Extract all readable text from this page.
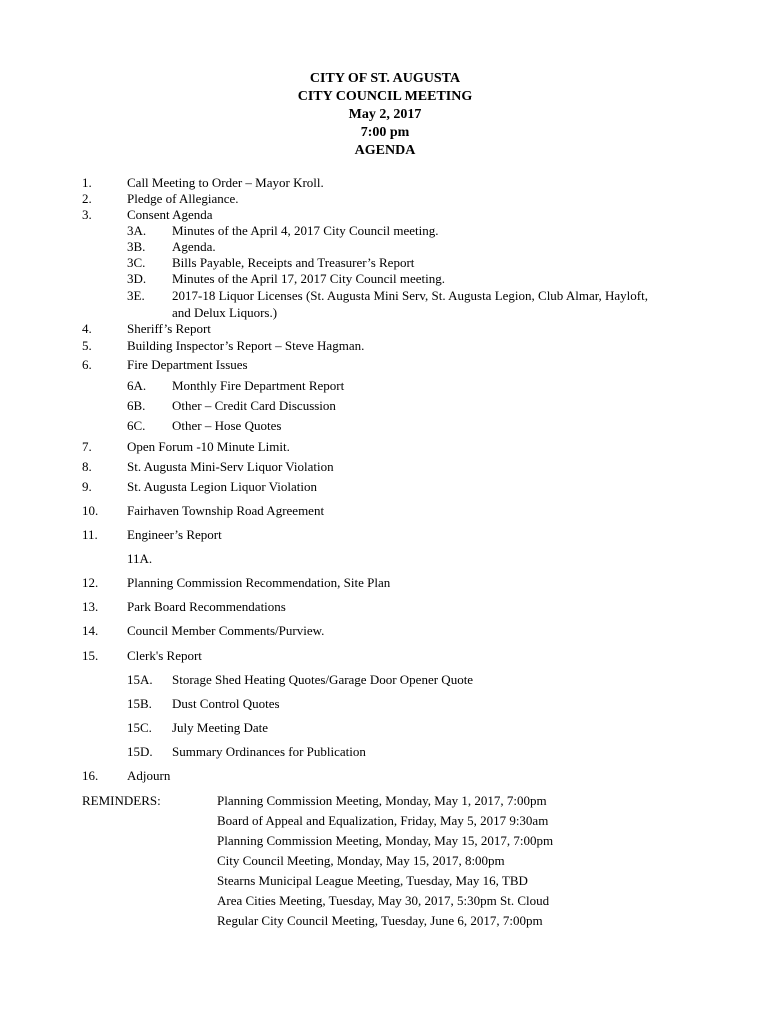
CITY OF ST. AUGUSTA
CITY COUNCIL MEETING
May 2, 2017
7:00 pm
AGENDA
1.	Call Meeting to Order – Mayor Kroll.
2.	Pledge of Allegiance.
3.	Consent Agenda
3A. Minutes of the April 4, 2017 City Council meeting.
3B. Agenda.
3C. Bills Payable, Receipts and Treasurer’s Report
3D. Minutes of the April 17, 2017 City Council meeting.
3E. 2017-18 Liquor Licenses (St. Augusta Mini Serv, St. Augusta Legion, Club Almar, Hayloft,
and Delux Liquors.)
4.	Sheriff’s Report
5.	Building Inspector’s Report – Steve Hagman.
6.	Fire Department Issues
6A. Monthly Fire Department Report
6B. Other – Credit Card Discussion
6C. Other – Hose Quotes
7.	Open Forum -10 Minute Limit.
8.	St. Augusta Mini-Serv Liquor Violation
9.	St. Augusta Legion Liquor Violation
10. Fairhaven Township Road Agreement
11. Engineer’s Report
11A.
12. Planning Commission Recommendation, Site Plan
13. Park Board Recommendations
14. Council Member Comments/Purview.
15. Clerk's Report
15A. Storage Shed Heating Quotes/Garage Door Opener Quote
15B. Dust Control Quotes
15C. July Meeting Date
15D. Summary Ordinances for Publication
16. Adjourn
REMINDERS:	Planning Commission Meeting, Monday, May 1, 2017, 7:00pm
Board of Appeal and Equalization, Friday, May 5, 2017 9:30am
Planning Commission Meeting, Monday, May 15, 2017, 7:00pm
City Council Meeting, Monday, May 15, 2017, 8:00pm
Stearns Municipal League Meeting, Tuesday, May 16, TBD
Area Cities Meeting, Tuesday, May 30, 2017, 5:30pm St. Cloud
Regular City Council Meeting, Tuesday, June 6, 2017, 7:00pm
